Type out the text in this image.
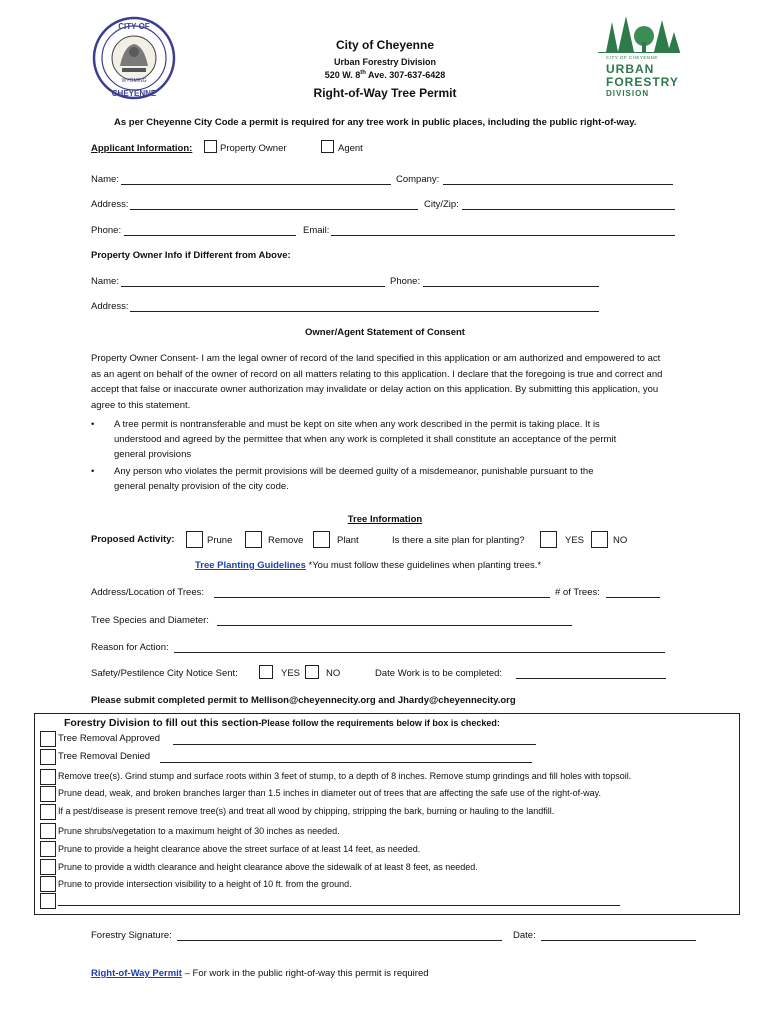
CITY OF
CHEYENNE
WYOMING
City of Cheyenne
Urban Forestry Division
520 W. 8th Ave. 307-637-6428
Right-of-Way Tree Permit
CITY OF CHEYENNE
URBAN
FORESTRY
DIVISION
As per Cheyenne City Code a permit is required for any tree work in public places, including the public right-of-way.
Applicant Information:	Property Owner	Agent
Name:	Company:
Address:	City/Zip:
Phone:	Email:
Property Owner Info if Different from Above:
Name:	Phone:
Address:
Owner/Agent Statement of Consent
Property Owner Consent- I am the legal owner of record of the land specified in this application or am authorized and empowered to act as an agent on behalf of the owner of record on all matters relating to this application. I declare that the foregoing is true and correct and accept that false or inaccurate owner authorization may invalidate or delay action on this application. By submitting this application, you agree to this statement.
• A tree permit is nontransferable and must be kept on site when any work described in the permit is taking place. It is understood and agreed by the permittee that when any work is completed it shall constitute an acceptance of the permit general provisions
• Any person who violates the permit provisions will be deemed guilty of a misdemeanor, punishable pursuant to the general penalty provision of the city code.
Tree Information
Proposed Activity:	Prune	Remove	Plant	Is there a site plan for planting?	YES	NO
Tree Planting Guidelines *You must follow these guidelines when planting trees.*
Address/Location of Trees:	# of Trees:
Tree Species and Diameter:
Reason for Action:
Safety/Pestilence City Notice Sent:	YES	NO	Date Work is to be completed:
Please submit completed permit to Mellison@cheyennecity.org and Jhardy@cheyennecity.org
Forestry Division to fill out this section-Please follow the requirements below if box is checked:
Tree Removal Approved
Tree Removal Denied
Remove tree(s). Grind stump and surface roots within 3 feet of stump, to a depth of 8 inches. Remove stump grindings and fill holes with topsoil.
Prune dead, weak, and broken branches larger than 1.5 inches in diameter out of trees that are affecting the safe use of the right-of-way.
If a pest/disease is present remove tree(s) and treat all wood by chipping, stripping the bark, burning or hauling to the landfill.
Prune shrubs/vegetation to a maximum height of 30 inches as needed.
Prune to provide a height clearance above the street surface of at least 14 feet, as needed.
Prune to provide a width clearance and height clearance above the sidewalk of at least 8 feet, as needed.
Prune to provide intersection visibility to a height of 10 ft. from the ground.
Forestry Signature:	Date:
Right-of-Way Permit – For work in the public right-of-way this permit is required
